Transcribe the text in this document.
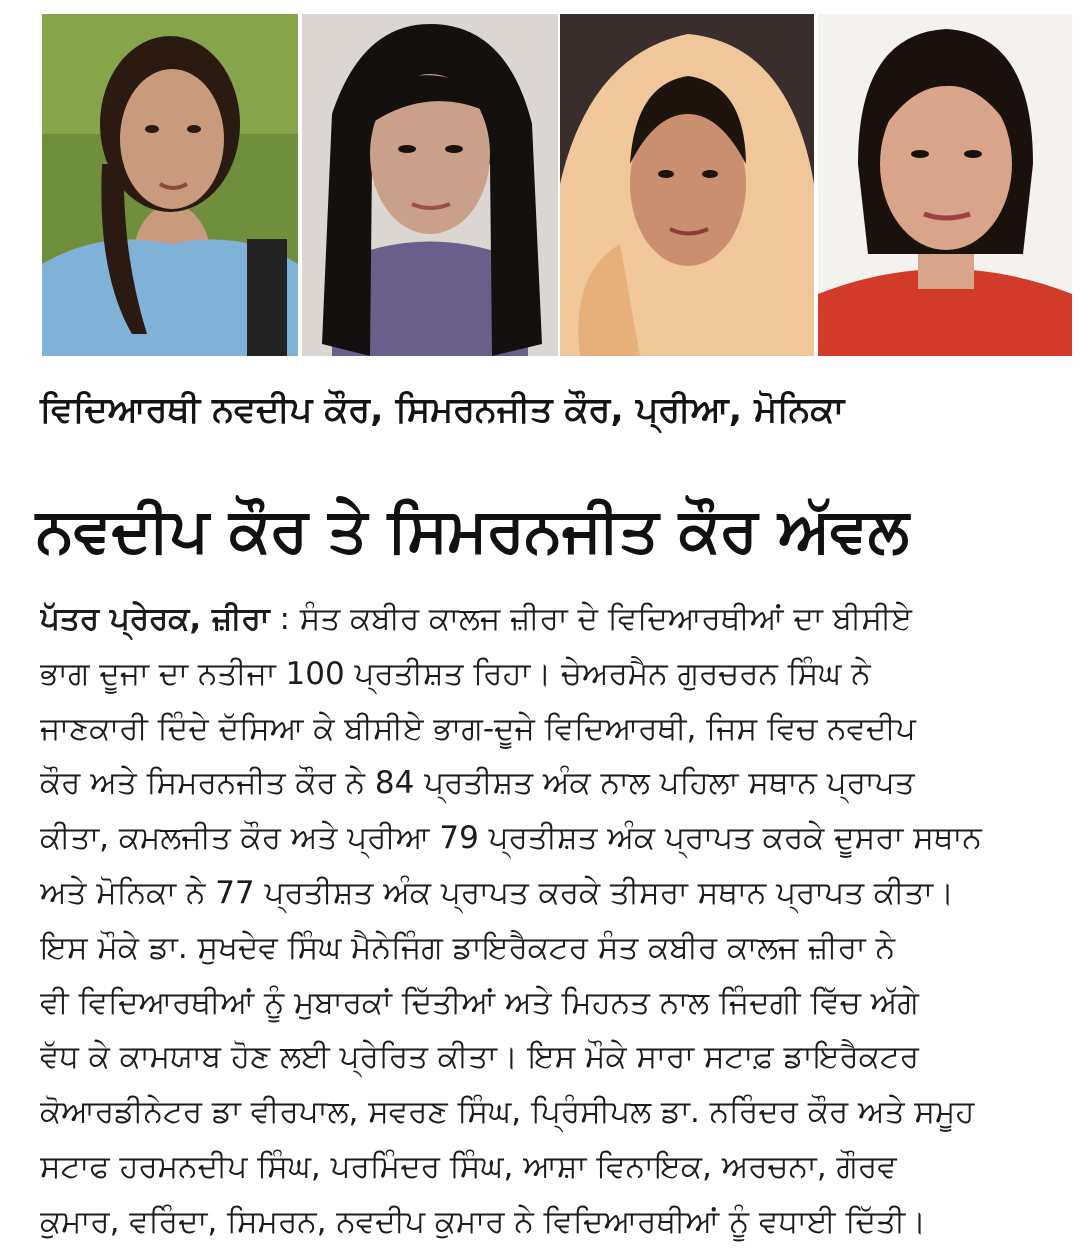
ਵਿਦਿਆਰਥੀ ਨਵਦੀਪ ਕੌਰ, ਸਿਮਰਨਜੀਤ ਕੌਰ, ਪ੍ਰੀਆ, ਮੋਨਿਕਾ
ਨਵਦੀਪ ਕੌਰ ਤੇ ਸਿਮਰਨਜੀਤ ਕੌਰ ਅੱਵਲ
ਪੱਤਰ ਪ੍ਰੇਰਕ, ਜ਼ੀਰਾ : ਸੰਤ ਕਬੀਰ ਕਾਲਜ ਜ਼ੀਰਾ ਦੇ ਵਿਦਿਆਰਥੀਆਂ ਦਾ ਬੀਸੀਏ
ਭਾਗ ਦੂਜਾ ਦਾ ਨਤੀਜਾ 100 ਪ੍ਰਤੀਸ਼ਤ ਰਿਹਾ। ਚੇਅਰਮੈਨ ਗੁਰਚਰਨ ਸਿੰਘ ਨੇ
ਜਾਣਕਾਰੀ ਦਿੰਦੇ ਦੱਸਿਆ ਕੇ ਬੀਸੀਏ ਭਾਗ-ਦੂਜੇ ਵਿਦਿਆਰਥੀ, ਜਿਸ ਵਿਚ ਨਵਦੀਪ
ਕੌਰ ਅਤੇ ਸਿਮਰਨਜੀਤ ਕੌਰ ਨੇ 84 ਪ੍ਰਤੀਸ਼ਤ ਅੰਕ ਨਾਲ ਪਹਿਲਾ ਸਥਾਨ ਪ੍ਰਾਪਤ
ਕੀਤਾ, ਕਮਲਜੀਤ ਕੌਰ ਅਤੇ ਪ੍ਰੀਆ 79 ਪ੍ਰਤੀਸ਼ਤ ਅੰਕ ਪ੍ਰਾਪਤ ਕਰਕੇ ਦੂਸਰਾ ਸਥਾਨ
ਅਤੇ ਮੋਨਿਕਾ ਨੇ 77 ਪ੍ਰਤੀਸ਼ਤ ਅੰਕ ਪ੍ਰਾਪਤ ਕਰਕੇ ਤੀਸਰਾ ਸਥਾਨ ਪ੍ਰਾਪਤ ਕੀਤਾ।
ਇਸ ਮੌਕੇ ਡਾ. ਸੁਖਦੇਵ ਸਿੰਘ ਮੈਨੇਜਿੰਗ ਡਾਇਰੈਕਟਰ ਸੰਤ ਕਬੀਰ ਕਾਲਜ ਜ਼ੀਰਾ ਨੇ
ਵੀ ਵਿਦਿਆਰਥੀਆਂ ਨੂੰ ਮੁਬਾਰਕਾਂ ਦਿੱਤੀਆਂ ਅਤੇ ਮਿਹਨਤ ਨਾਲ ਜਿੰਦਗੀ ਵਿੱਚ ਅੱਗੇ
ਵੱਧ ਕੇ ਕਾਮਯਾਬ ਹੋਣ ਲਈ ਪ੍ਰੇਰਿਤ ਕੀਤਾ। ਇਸ ਮੌਕੇ ਸਾਰਾ ਸਟਾਫ਼ ਡਾਇਰੈਕਟਰ
ਕੋਆਰਡੀਨੇਟਰ ਡਾ ਵੀਰਪਾਲ, ਸਵਰਣ ਸਿੰਘ, ਪ੍ਰਿੰਸੀਪਲ ਡਾ. ਨਰਿੰਦਰ ਕੌਰ ਅਤੇ ਸਮੂਹ
ਸਟਾਫ ਹਰਮਨਦੀਪ ਸਿੰਘ, ਪਰਮਿੰਦਰ ਸਿੰਘ, ਆਸ਼ਾ ਵਿਨਾਇਕ, ਅਰਚਨਾ, ਗੌਰਵ
ਕੁਮਾਰ, ਵਰਿੰਦਾ, ਸਿਮਰਨ, ਨਵਦੀਪ ਕੁਮਾਰ ਨੇ ਵਿਦਿਆਰਥੀਆਂ ਨੂੰ ਵਧਾਈ ਦਿੱਤੀ।
